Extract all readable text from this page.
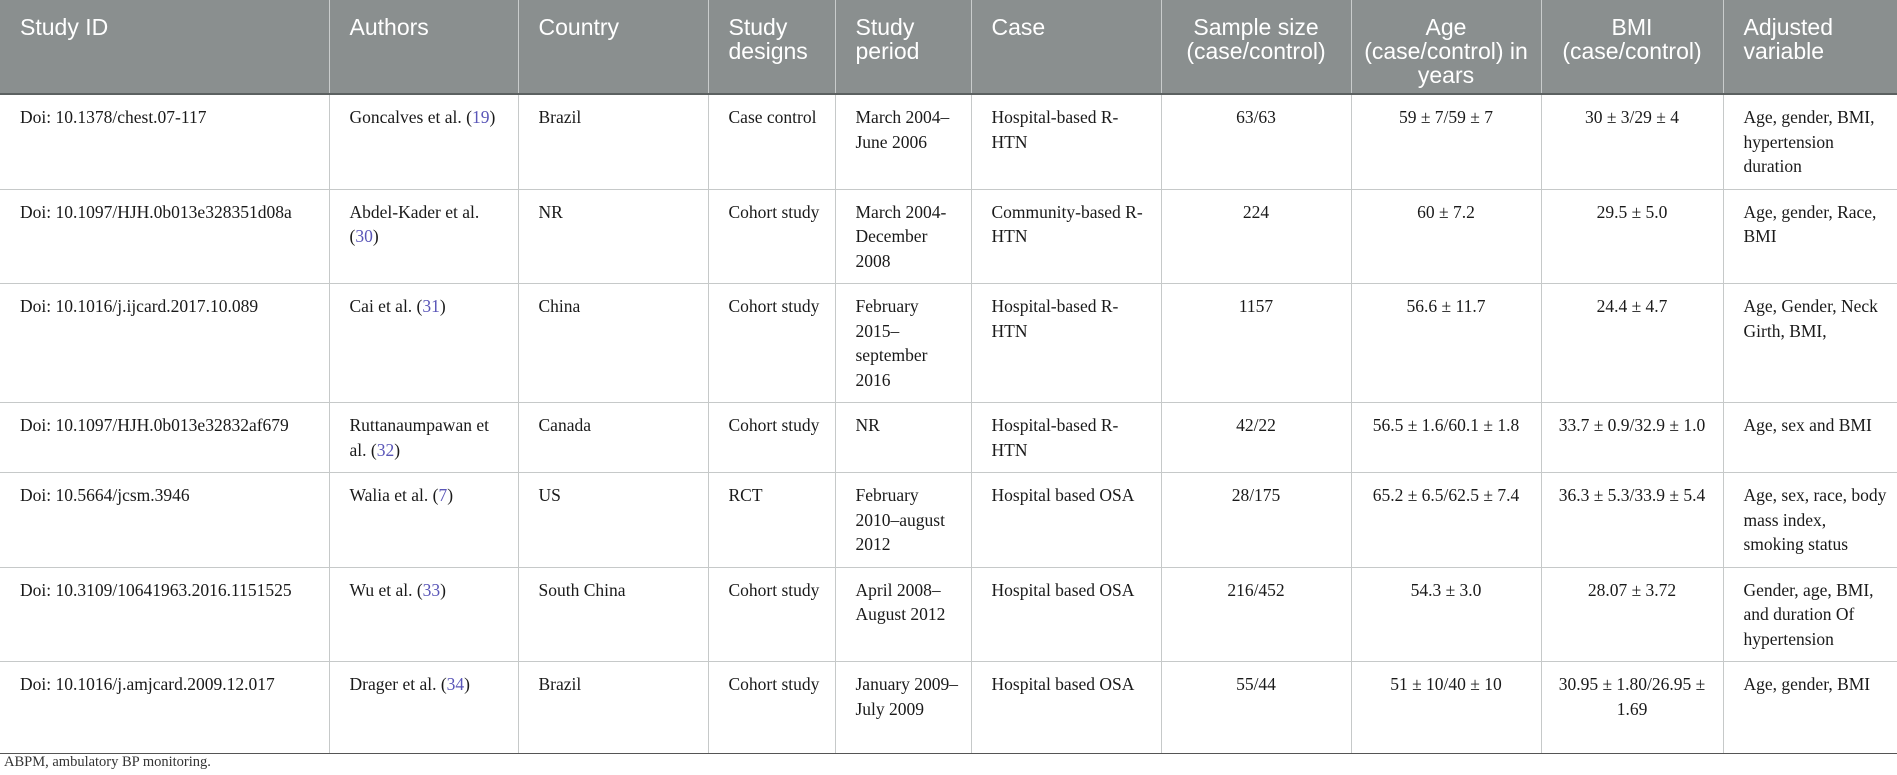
Study ID	Authors	Country	Study designs	Study period	Case	Sample size (case/control)	Age (case/control) in years	BMI (case/control)	Adjusted variable
Doi: 10.1378/chest.07-117	Goncalves et al. (19)	Brazil	Case control	March 2004–June 2006	Hospital-based R-HTN	63/63	59 ± 7/59 ± 7	30 ± 3/29 ± 4	Age, gender, BMI, hypertension duration
Doi: 10.1097/HJH.0b013e328351d08a	Abdel-Kader et al. (30)	NR	Cohort study	March 2004-December 2008	Community-based R-HTN	224	60 ± 7.2	29.5 ± 5.0	Age, gender, Race, BMI
Doi: 10.1016/j.ijcard.2017.10.089	Cai et al. (31)	China	Cohort study	February 2015–september 2016	Hospital-based R-HTN	1157	56.6 ± 11.7	24.4 ± 4.7	Age, Gender, Neck Girth, BMI,
Doi: 10.1097/HJH.0b013e32832af679	Ruttanaumpawan et al. (32)	Canada	Cohort study	NR	Hospital-based R-HTN	42/22	56.5 ± 1.6/60.1 ± 1.8	33.7 ± 0.9/32.9 ± 1.0	Age, sex and BMI
Doi: 10.5664/jcsm.3946	Walia et al. (7)	US	RCT	February 2010–august 2012	Hospital based OSA	28/175	65.2 ± 6.5/62.5 ± 7.4	36.3 ± 5.3/33.9 ± 5.4	Age, sex, race, body mass index, smoking status
Doi: 10.3109/10641963.2016.1151525	Wu et al. (33)	South China	Cohort study	April 2008–August 2012	Hospital based OSA	216/452	54.3 ± 3.0	28.07 ± 3.72	Gender, age, BMI, and duration Of hypertension
Doi: 10.1016/j.amjcard.2009.12.017	Drager et al. (34)	Brazil	Cohort study	January 2009–July 2009	Hospital based OSA	55/44	51 ± 10/40 ± 10	30.95 ± 1.80/26.95 ± 1.69	Age, gender, BMI
ABPM, ambulatory BP monitoring.
